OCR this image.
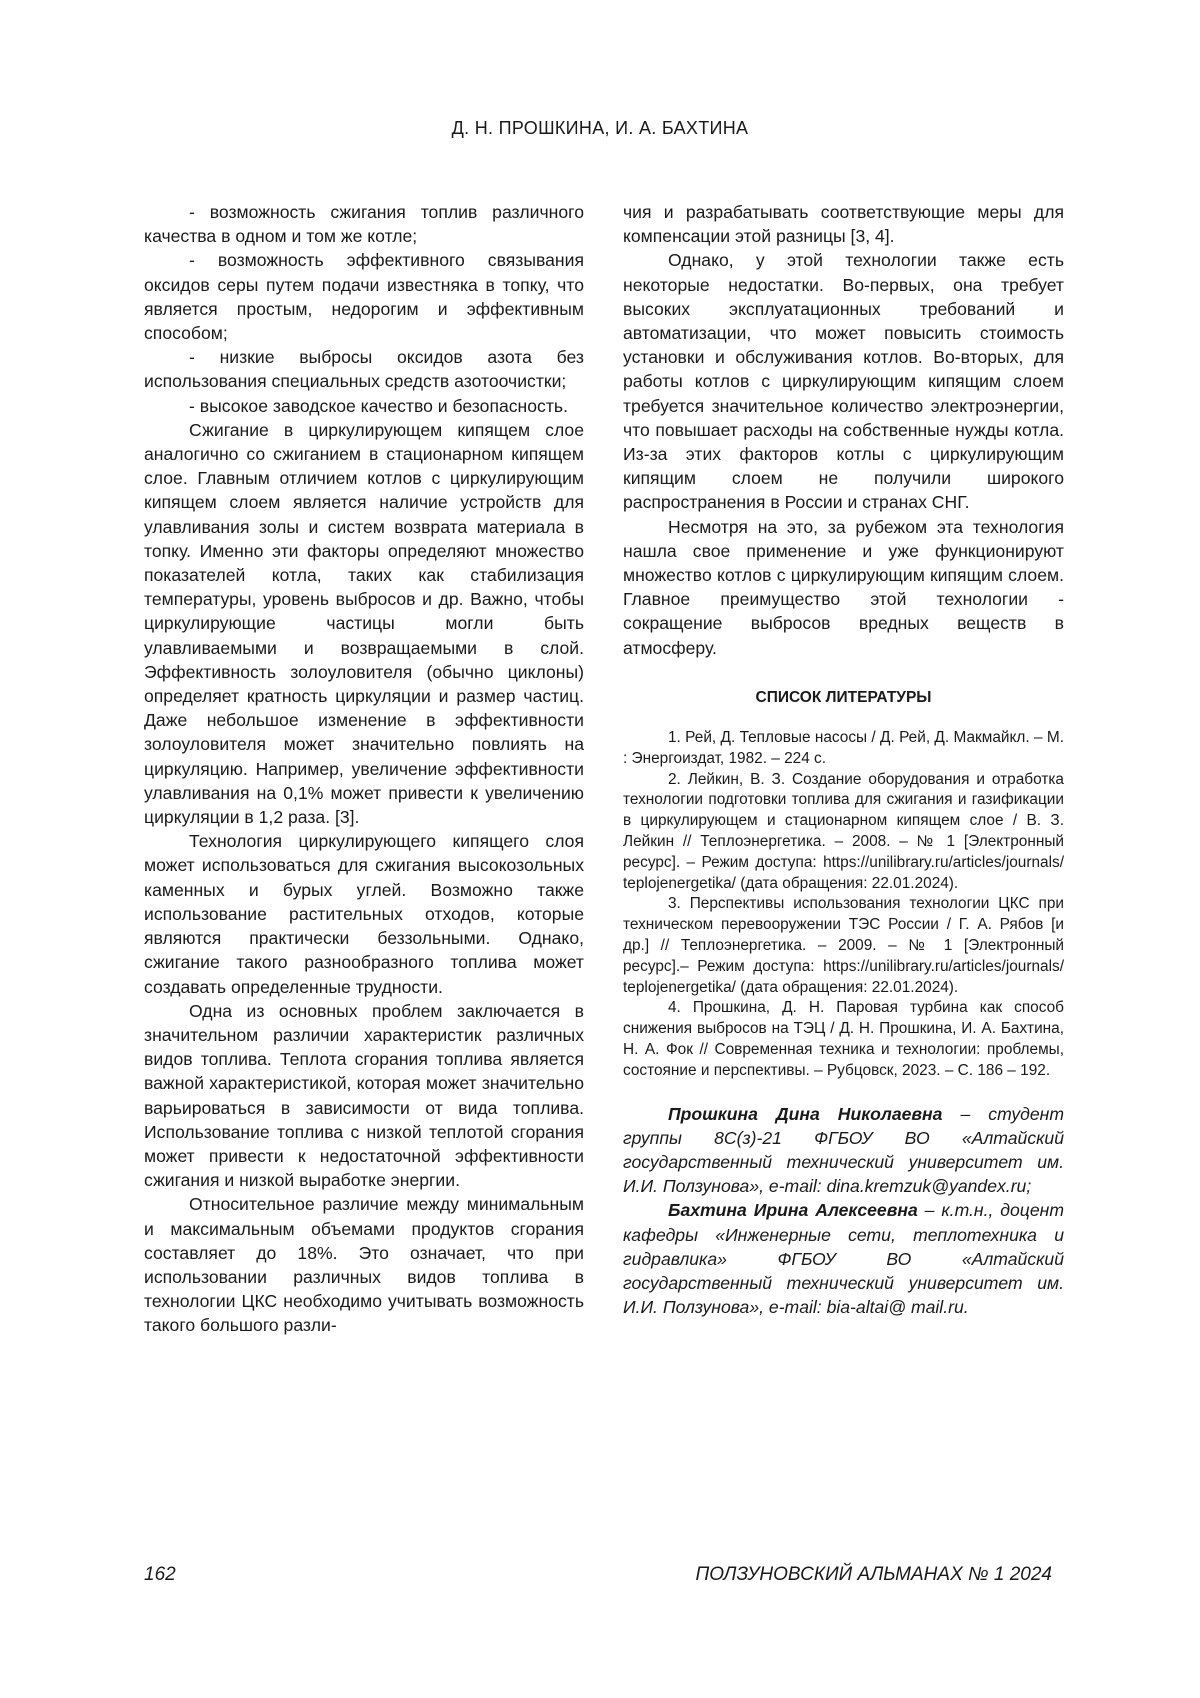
Д. Н. ПРОШКИНА, И. А. БАХТИНА

- возможность сжигания топлив различного качества в одном и том же котле;

- возможность эффективного связывания оксидов серы путем подачи известняка в топку, что является простым, недорогим и эффективным способом;

- низкие выбросы оксидов азота без использования специальных средств азотоочистки;

- высокое заводское качество и безопасность.

Сжигание в циркулирующем кипящем слое аналогично со сжиганием в стационарном кипящем слое. Главным отличием котлов с циркулирующим кипящем слоем является наличие устройств для улавливания золы и систем возврата материала в топку. Именно эти факторы определяют множество показателей котла, таких как стабилизация температуры, уровень выбросов и др. Важно, чтобы циркулирующие частицы могли быть улавливаемыми и возвращаемыми в слой. Эффективность золоуловителя (обычно циклоны) определяет кратность циркуляции и размер частиц. Даже небольшое изменение в эффективности золоуловителя может значительно повлиять на циркуляцию. Например, увеличение эффективности улавливания на 0,1% может привести к увеличению циркуляции в 1,2 раза. [3].

Технология циркулирующего кипящего слоя может использоваться для сжигания высокозольных каменных и бурых углей. Возможно также использование растительных отходов, которые являются практически беззольными. Однако, сжигание такого разнообразного топлива может создавать определенные трудности.

Одна из основных проблем заключается в значительном различии характеристик различных видов топлива. Теплота сгорания топлива является важной характеристикой, которая может значительно варьироваться в зависимости от вида топлива. Использование топлива с низкой теплотой сгорания может привести к недостаточной эффективности сжигания и низкой выработке энергии.

Относительное различие между минимальным и максимальным объемами продуктов сгорания составляет до 18%. Это означает, что при использовании различных видов топлива в технологии ЦКС необходимо учитывать возможность такого большого разли-

чия и разрабатывать соответствующие меры для компенсации этой разницы [3, 4].

Однако, у этой технологии также есть некоторые недостатки. Во-первых, она требует высоких эксплуатационных требований и автоматизации, что может повысить стоимость установки и обслуживания котлов. Во-вторых, для работы котлов с циркулирующим кипящим слоем требуется значительное количество электроэнергии, что повышает расходы на собственные нужды котла. Из-за этих факторов котлы с циркулирующим кипящим слоем не получили широкого распространения в России и странах СНГ.

Несмотря на это, за рубежом эта технология нашла свое применение и уже функционируют множество котлов с циркулирующим кипящим слоем. Главное преимущество этой технологии - сокращение выбросов вредных веществ в атмосферу.

СПИСОК ЛИТЕРАТУРЫ

1. Рей, Д. Тепловые насосы / Д. Рей, Д. Макмайкл. – М. : Энергоиздат, 1982. – 224 с.

2. Лейкин, В. З. Создание оборудования и отработка технологии подготовки топлива для сжигания и газификации в циркулирующем и стационарном кипящем слое / В. З. Лейкин // Теплоэнергетика. – 2008. – № 1 [Электронный ресурс]. – Режим доступа: https://unilibrary.ru/articles/journals/ teplojenergetika/ (дата обращения: 22.01.2024).

3. Перспективы использования технологии ЦКС при техническом перевооружении ТЭС России / Г. А. Рябов [и др.] // Теплоэнергетика. – 2009. – № 1 [Электронный ресурс].– Режим доступа: https://unilibrary.ru/articles/journals/ teplojenergetika/ (дата обращения: 22.01.2024).

4. Прошкина, Д. Н. Паровая турбина как способ снижения выбросов на ТЭЦ / Д. Н. Прошкина, И. А. Бахтина, Н. А. Фок // Современная техника и технологии: проблемы, состояние и перспективы. – Рубцовск, 2023. – С. 186 – 192.

Прошкина Дина Николаевна – студент группы 8С(з)-21 ФГБОУ ВО «Алтайский государственный технический университет им. И.И. Ползунова», e-mail: dina.kremzuk@yandex.ru;

Бахтина Ирина Алексеевна – к.т.н., доцент кафедры «Инженерные сети, теплотехника и гидравлика» ФГБОУ ВО «Алтайский государственный технический университет им. И.И. Ползунова», e-mail: bia-altai@ mail.ru.

162	ПОЛЗУНОВСКИЙ АЛЬМАНАХ № 1 2024
